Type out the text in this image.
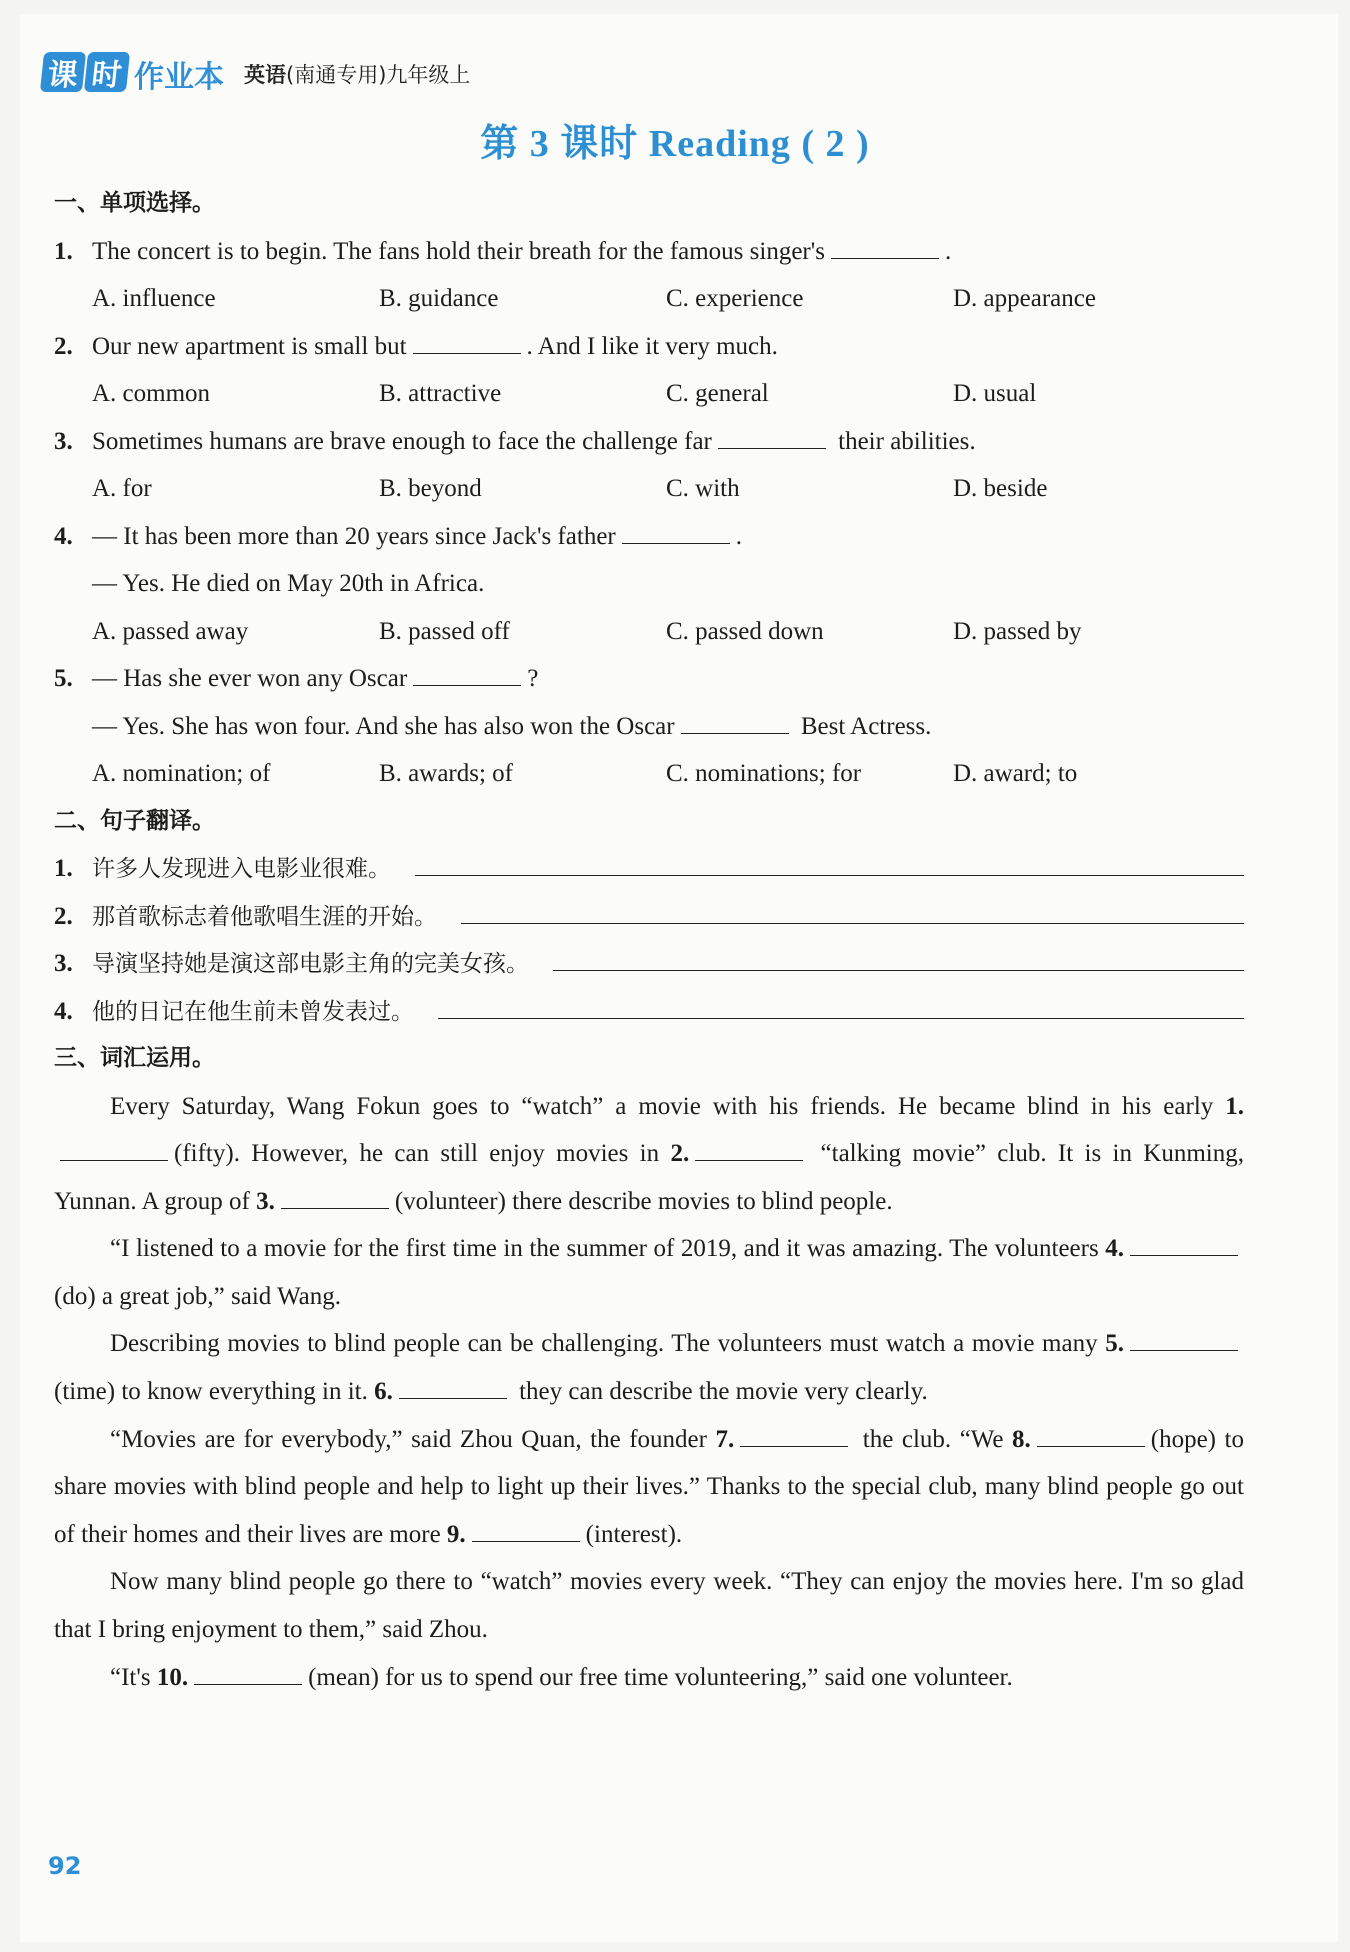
课 时 作业本 英语(南通专用)九年级上
第 3 课时 Reading ( 2 )
一、单项选择。
1. The concert is to begin. The fans hold their breath for the famous singer's	.
A. influence	B. guidance	C. experience	D. appearance
2. Our new apartment is small but	. And I like it very much.
A. common	B. attractive	C. general	D. usual
3. Sometimes humans are brave enough to face the challenge far	their abilities.
A. for	B. beyond	C. with	D. beside
4. — It has been more than 20 years since Jack's father	.
— Yes. He died on May 20th in Africa.
A. passed away	B. passed off	C. passed down	D. passed by
5. — Has she ever won any Oscar	?
— Yes. She has won four. And she has also won the Oscar	Best Actress.
A. nomination; of	B. awards; of	C. nominations; for	D. award; to
二、句子翻译。
1. 许多人发现进入电影业很难。
2. 那首歌标志着他歌唱生涯的开始。
3. 导演坚持她是演这部电影主角的完美女孩。
4. 他的日记在他生前未曾发表过。
三、词汇运用。
Every Saturday, Wang Fokun goes to “watch” a movie with his friends. He became blind in his early 1.(fifty). However, he can still enjoy movies in 2.	“talking movie” club. It is in Kunming, Yunnan. A group of 3.	(volunteer) there describe movies to blind people.
“I listened to a movie for the first time in the summer of 2019, and it was amazing. The volunteers 4.(do) a great job,” said Wang.
Describing movies to blind people can be challenging. The volunteers must watch a movie many 5.(time) to know everything in it. 6.	they can describe the movie very clearly.
“Movies are for everybody,” said Zhou Quan, the founder 7.	the club. “We 8.	(hope) to share movies with blind people and help to light up their lives.” Thanks to the special club, many blind people go out of their homes and their lives are more 9.	(interest).
Now many blind people go there to “watch” movies every week. “They can enjoy the movies here. I'm so glad that I bring enjoyment to them,” said Zhou.
“It's 10.	(mean) for us to spend our free time volunteering,” said one volunteer.
92
